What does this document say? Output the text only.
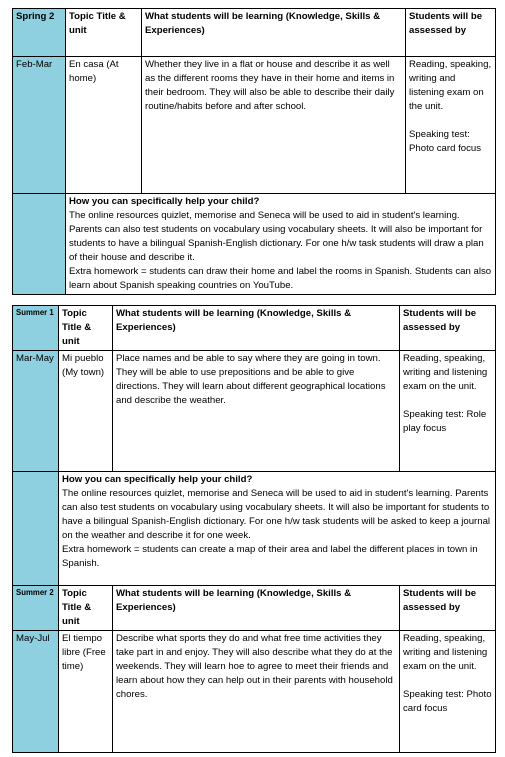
Spring 2	Topic Title & unit	What students will be learning (Knowledge, Skills & Experiences)	Students will be assessed by
Feb-Mar	En casa (At home)	Whether they live in a flat or house and describe it as well as the different rooms they have in their home and items in their bedroom. They will also be able to describe their daily routine/habits before and after school.	Reading, speaking, writing and listening exam on the unit.
Speaking test: Photo card focus

	How you can specifically help your child?
The online resources quizlet, memorise and Seneca will be used to aid in student's learning. Parents can also test students on vocabulary using vocabulary sheets. It will also be important for students to have a bilingual Spanish-English dictionary. For one h/w task students will draw a plan of their house and describe it.
Extra homework = students can draw their home and label the rooms in Spanish. Students can also learn about Spanish speaking countries on YouTube.		
Summer 1	Topic Title & unit	What students will be learning (Knowledge, Skills & Experiences)	Students will be assessed by
Mar-May	Mi pueblo (My town)	Place names and be able to say where they are going in town. They will be able to use prepositions and be able to give directions. They will learn about different geographical locations and describe the weather.	Reading, speaking, writing and listening exam on the unit.
Speaking test: Role play focus

	How you can specifically help your child?
The online resources quizlet, memorise and Seneca will be used to aid in student's learning. Parents can also test students on vocabulary using vocabulary sheets. It will also be important for students to have a bilingual Spanish-English dictionary. For one h/w task students will be asked to keep a journal on the weather and describe it for one week.
Extra homework = students can create a map of their area and label the different places in town in Spanish.		

Summer 2	Topic Title & unit	What students will be learning (Knowledge, Skills & Experiences)	Students will be assessed by
May-Jul	El tiempo libre (Free time)	Describe what sports they do and what free time activities they take part in and enjoy. They will also describe what they do at the weekends. They will learn hoe to agree to meet their friends and learn about how they can help out in their parents with household chores.	Reading, speaking, writing and listening exam on the unit.
Speaking test: Photo card focus
